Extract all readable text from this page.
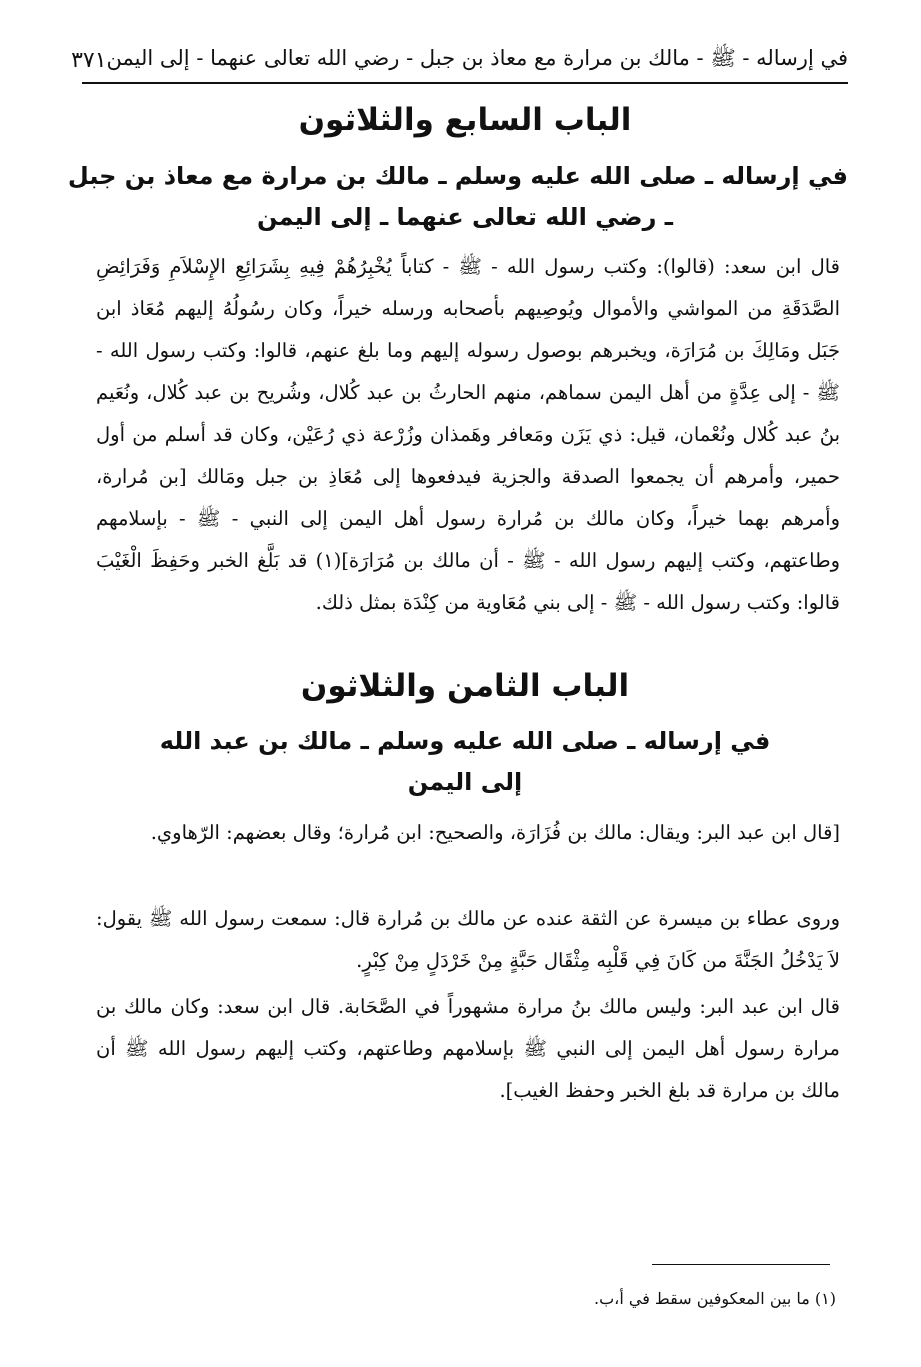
في إرساله - ﷺ - مالك بن مرارة مع معاذ بن جبل - رضي الله تعالى عنهما - إلى اليمن
٣٧١
الباب السابع والثلاثون
في إرساله ـ صلى الله عليه وسلم ـ مالك بن مرارة مع معاذ بن جبل
ـ رضي الله تعالى عنهما ـ إلى اليمن
قال ابن سعد: (قالوا): وكتب رسول الله - ﷺ - كتاباً يُخْبِرُهُمْ فِيهِ بِشَرَائِعِ الإِسْلاَمِ وَفَرَائِضِ الصَّدَقَةِ من المواشي والأموال ويُوصِيهم بأصحابه ورسله خيراً، وكان رسُولُهُ إليهم مُعَاذ ابن جَبَل ومَالِكَ بن مُرَارَة، ويخبرهم بوصول رسوله إليهم وما بلغ عنهم، قالوا: وكتب رسول الله - ﷺ - إلى عِدَّةٍ من أهل اليمن سماهم، منهم الحارثُ بن عبد كُلال، وشُريح بن عبد كُلال، ونُعَيم بنُ عبد كُلال ونُعْمان، قيل: ذي يَزَن ومَعافر وهَمذان وزُرْعة ذي رُعَيْن، وكان قد أسلم من أول حمير، وأمرهم أن يجمعوا الصدقة والجزية فيدفعوها إلى مُعَاذِ بن جبل ومَالك [بن مُرارة، وأمرهم بهما خيراً، وكان مالك بن مُرارة رسول أهل اليمن إلى النبي - ﷺ - بإسلامهم وطاعتهم، وكتب إليهم رسول الله - ﷺ - أن مالك بن مُرَارَة](١) قد بَلَّغ الخبر وحَفِظَ الْغَيْبَ قالوا: وكتب رسول الله - ﷺ - إلى بني مُعَاوية من كِنْدَة بمثل ذلك.
الباب الثامن والثلاثون
في إرساله ـ صلى الله عليه وسلم ـ مالك بن عبد الله
إلى اليمن
[قال ابن عبد البر: ويقال: مالك بن فُزَارَة، والصحيح: ابن مُرارة؛ وقال بعضهم: الرّهاوي.
وروى عطاء بن ميسرة عن الثقة عنده عن مالك بن مُرارة قال: سمعت رسول الله ﷺ يقول: لاَ يَدْخُلُ الجَنَّةَ من كَانَ فِي قَلْبِه مِثْقَال حَبَّةٍ مِنْ خَرْدَلٍ مِنْ كِبْرٍ.
قال ابن عبد البر: وليس مالك بنُ مرارة مشهوراً في الصَّحَابة. قال ابن سعد: وكان مالك بن مرارة رسول أهل اليمن إلى النبي ﷺ بإسلامهم وطاعتهم، وكتب إليهم رسول الله ﷺ أن مالك بن مرارة قد بلغ الخبر وحفظ الغيب].
(١) ما بين المعكوفين سقط في أ،ب.
